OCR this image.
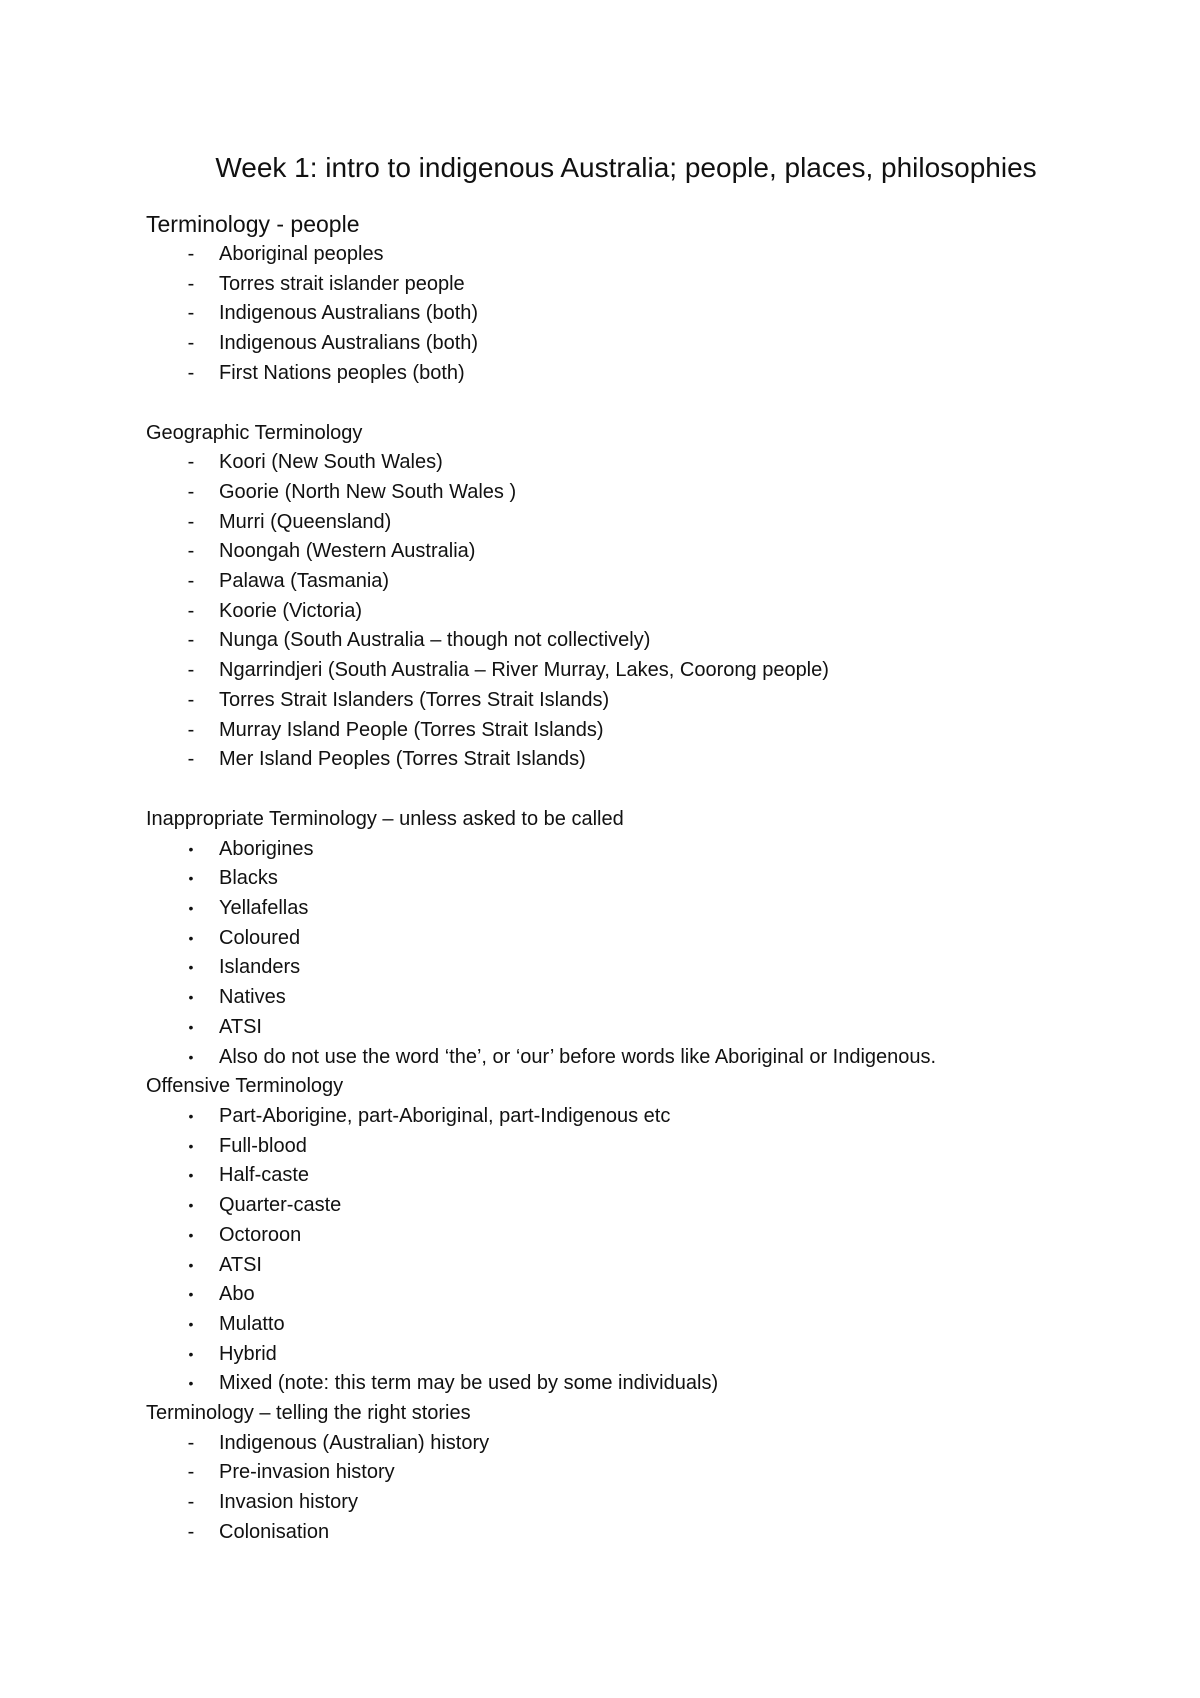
Week 1: intro to indigenous Australia; people, places, philosophies
Terminology - people
- Aboriginal peoples
- Torres strait islander people
- Indigenous Australians (both)
- Indigenous Australians (both)
- First Nations peoples (both)
Geographic Terminology
- Koori (New South Wales)
- Goorie (North New South Wales )
- Murri (Queensland)
- Noongah (Western Australia)
- Palawa (Tasmania)
- Koorie (Victoria)
- Nunga (South Australia – though not collectively)
- Ngarrindjeri (South Australia – River Murray, Lakes, Coorong people)
- Torres Strait Islanders (Torres Strait Islands)
- Murray Island People (Torres Strait Islands)
- Mer Island Peoples (Torres Strait Islands)
Inappropriate Terminology – unless asked to be called
• Aborigines
• Blacks
• Yellafellas
• Coloured
• Islanders
• Natives
• ATSI
• Also do not use the word ‘the’, or ‘our’ before words like Aboriginal or Indigenous.
Offensive Terminology
• Part-Aborigine, part-Aboriginal, part-Indigenous etc
• Full-blood
• Half-caste
• Quarter-caste
• Octoroon
• ATSI
• Abo
• Mulatto
• Hybrid
• Mixed (note: this term may be used by some individuals)
Terminology – telling the right stories
- Indigenous (Australian) history
- Pre-invasion history
- Invasion history
- Colonisation
